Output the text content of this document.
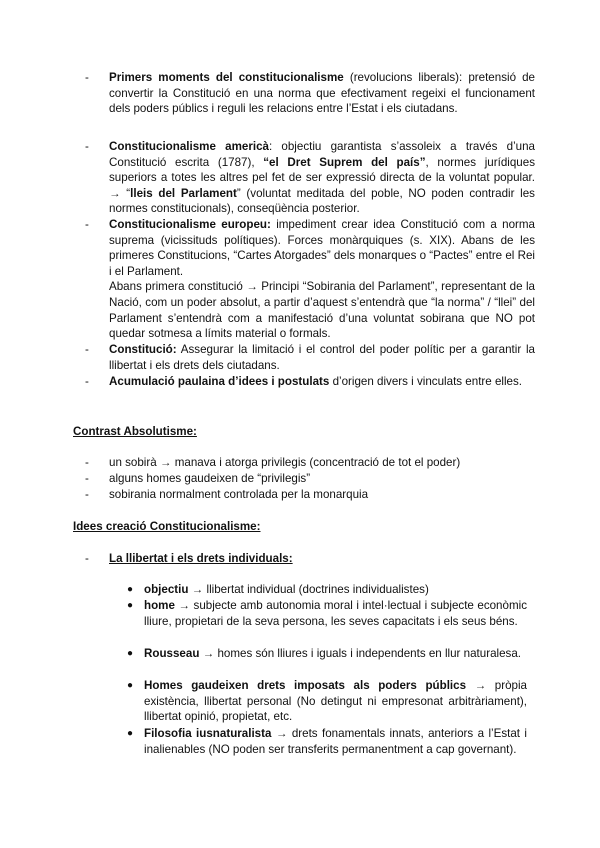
- Primers moments del constitucionalisme (revolucions liberals): pretensió de convertir la Constitució en una norma que efectivament regeixi el funcionament dels poders públics i reguli les relacions entre l’Estat i els ciutadans.
- Constitucionalisme americà: objectiu garantista s’assoleix a través d’una Constitució escrita (1787), “el Dret Suprem del país”, normes jurídiques superiors a totes les altres pel fet de ser expressió directa de la voluntat popular. → “lleis del Parlament” (voluntat meditada del poble, NO poden contradir les normes constitucionals), conseqüència posterior.
- Constitucionalisme europeu: impediment crear idea Constitució com a norma suprema (vicissituds polítiques). Forces monàrquiques (s. XIX). Abans de les primeres Constitucions, “Cartes Atorgades” dels monarques o “Pactes” entre el Rei i el Parlament.
Abans primera constitució → Principi “Sobirania del Parlament”, representant de la Nació, com un poder absolut, a partir d’aquest s’entendrà que “la norma” / “llei” del Parlament s’entendrà com a manifestació d’una voluntat sobirana que NO pot quedar sotmesa a límits material o formals.
- Constitució: Assegurar la limitació i el control del poder polític per a garantir la llibertat i els drets dels ciutadans.
- Acumulació paulaina d’idees i postulats d’origen divers i vinculats entre elles.
Contrast Absolutisme:
- un sobirà → manava i atorga privilegis (concentració de tot el poder)
- alguns homes gaudeixen de “privilegis”
- sobirania normalment controlada per la monarquia
Idees creació Constitucionalisme:
- La llibertat i els drets individuals:
● objectiu → llibertat individual (doctrines individualistes)
● home → subjecte amb autonomia moral i intel·lectual i subjecte econòmic lliure, propietari de la seva persona, les seves capacitats i els seus béns.
● Rousseau → homes són lliures i iguals i independents en llur naturalesa.
● Homes gaudeixen drets imposats als poders públics → pròpia existència, llibertat personal (No detingut ni empresonat arbitràriament), llibertat opinió, propietat, etc.
● Filosofia iusnaturalista → drets fonamentals innats, anteriors a l’Estat i inalienables (NO poden ser transferits permanentment a cap governant).
